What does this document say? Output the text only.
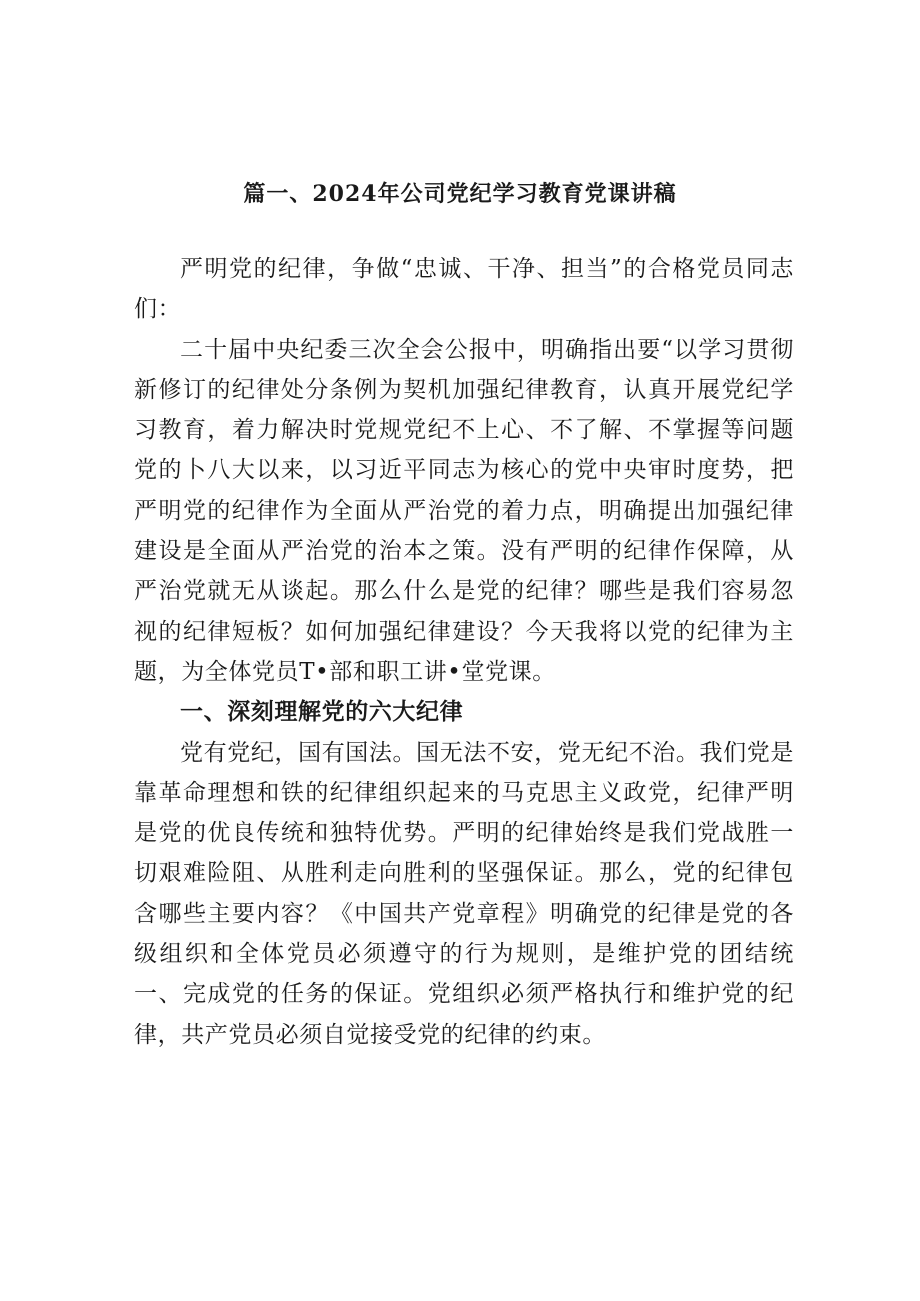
篇一、2024年公司党纪学习教育党课讲稿

严明党的纪律，争做“忠诚、干净、担当”的合格党员同志们：

二十届中央纪委三次全会公报中，明确指出要“以学习贯彻新修订的纪律处分条例为契机加强纪律教育，认真开展党纪学习教育，着力解决时党规党纪不上心、不了解、不掌握等问题党的卜八大以来，以习近平同志为核心的党中央审时度势，把严明党的纪律作为全面从严治党的着力点，明确提出加强纪律建设是全面从严治党的治本之策。没有严明的纪律作保障，从严治党就无从谈起。那么什么是党的纪律？哪些是我们容易忽视的纪律短板？如何加强纪律建设？今天我将以党的纪律为主题，为全体党员T•部和职工讲•堂党课。

一、深刻理解党的六大纪律

党有党纪，国有国法。国无法不安，党无纪不治。我们党是靠革命理想和铁的纪律组织起来的马克思主义政党，纪律严明是党的优良传统和独特优势。严明的纪律始终是我们党战胜一切艰难险阻、从胜利走向胜利的坚强保证。那么，党的纪律包含哪些主要内容？《中国共产党章程》明确党的纪律是党的各级组织和全体党员必须遵守的行为规则，是维护党的团结统一、完成党的任务的保证。党组织必须严格执行和维护党的纪律，共产党员必须自觉接受党的纪律的约束。
